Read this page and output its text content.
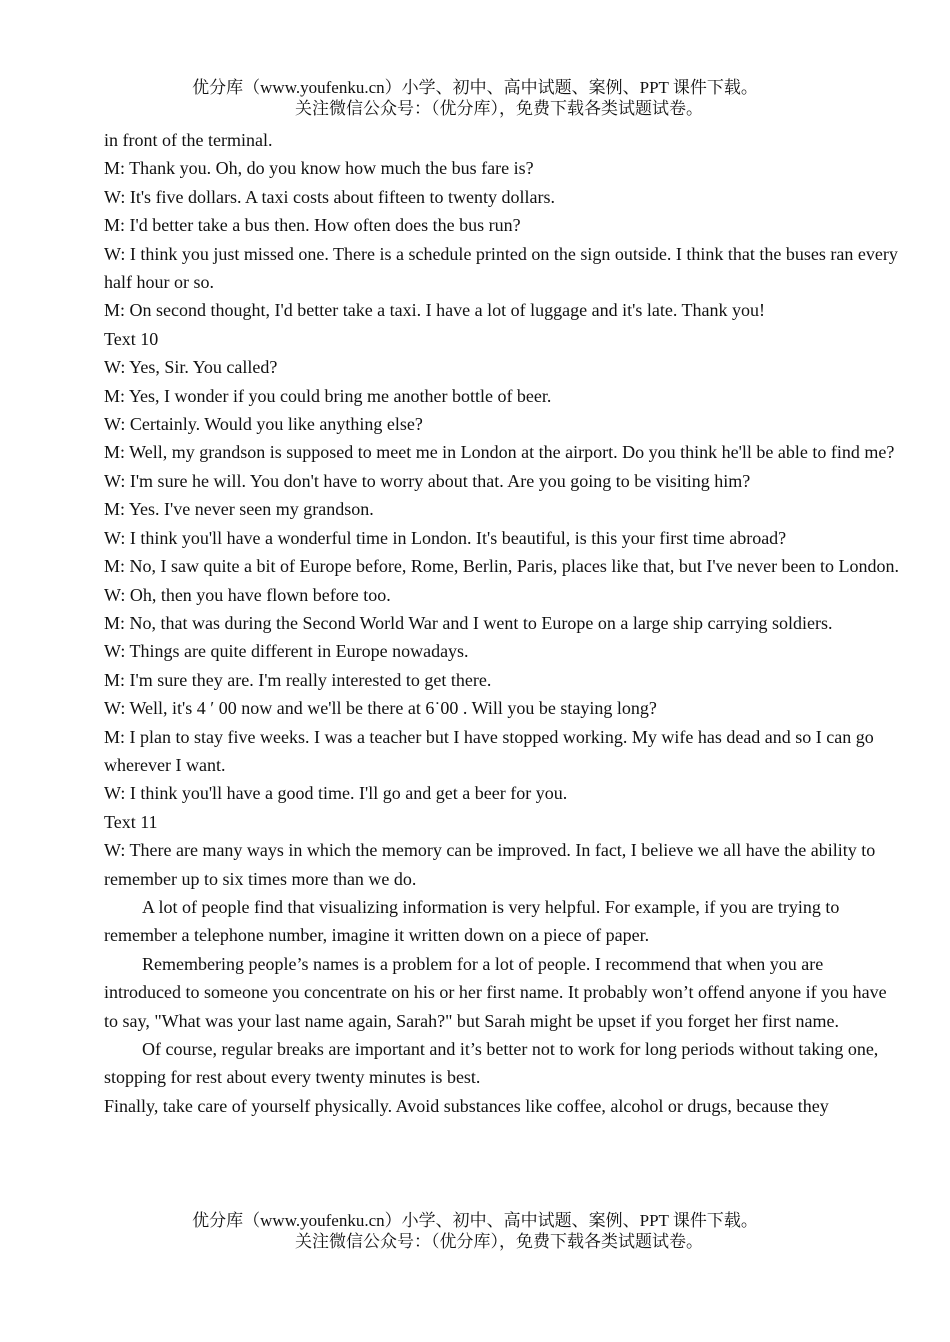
优分库（www.youfenku.cn）小学、初中、高中试题、案例、PPT 课件下载。
关注微信公众号：（优分库），免费下载各类试题试卷。

in front of the terminal.

M: Thank you. Oh, do you know how much the bus fare is?

W: It's five dollars. A taxi costs about fifteen to twenty dollars.

M: I'd better take a bus then. How often does the bus run?

W: I think you just missed one. There is a schedule printed on the sign outside. I think that the buses ran every half hour or so.

M: On second thought, I'd better take a taxi. I have a lot of luggage and it's late. Thank you!

Text 10

W: Yes, Sir. You called?

M: Yes, I wonder if you could bring me another bottle of beer.

W: Certainly. Would you like anything else?

M: Well, my grandson is supposed to meet me in London at the airport. Do you think he'll be able to find me?

W: I'm sure he will. You don't have to worry about that. Are you going to be visiting him?

M: Yes. I've never seen my grandson.

W: I think you'll have a wonderful time in London. It's beautiful, is this your first time abroad?

M: No, I saw quite a bit of Europe before, Rome, Berlin, Paris, places like that, but I've never been to London.

W: Oh, then you have flown before too.

M: No, that was during the Second World War and I went to Europe on a large ship carrying soldiers.

W: Things are quite different in Europe nowadays.

M: I'm sure they are. I'm really interested to get there.

W: Well, it's 4 ′ 00 now and we'll be there at 6˙00 . Will you be staying long?

M: I plan to stay five weeks. I was a teacher but I have stopped working. My wife has dead and so I can go wherever I want.

W: I think you'll have a good time. I'll go and get a beer for you.

Text 11

W: There are many ways in which the memory can be improved. In fact, I believe we all have the ability to remember up to six times more than we do.

A lot of people find that visualizing information is very helpful. For example, if you are trying to remember a telephone number, imagine it written down on a piece of paper.

Remembering people’s names is a problem for a lot of people. I recommend that when you are introduced to someone you concentrate on his or her first name. It probably won’t offend anyone if you have to say, "What was your last name again, Sarah?" but Sarah might be upset if you forget her first name.

Of course, regular breaks are important and it’s better not to work for long periods without taking one, stopping for rest about every twenty minutes is best.

Finally, take care of yourself physically. Avoid substances like coffee, alcohol or drugs, because they

优分库（www.youfenku.cn）小学、初中、高中试题、案例、PPT 课件下载。
关注微信公众号：（优分库），免费下载各类试题试卷。
